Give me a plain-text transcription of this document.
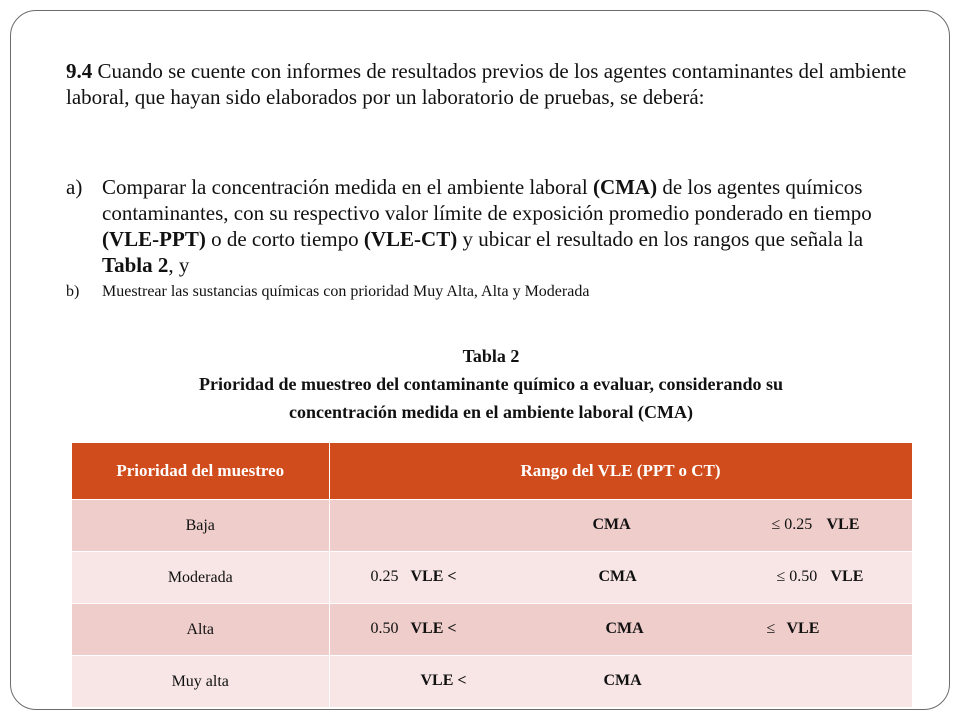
9.4 Cuando se cuente con informes de resultados previos de los agentes contaminantes del ambiente laboral, que hayan sido elaborados por un laboratorio de pruebas, se deberá:

a) Comparar la concentración medida en el ambiente laboral (CMA) de los agentes químicos contaminantes, con su respectivo valor límite de exposición promedio ponderado en tiempo (VLE-PPT) o de corto tiempo (VLE-CT) y ubicar el resultado en los rangos que señala la Tabla 2, y
b) Muestrear las sustancias químicas con prioridad Muy Alta, Alta y Moderada
Tabla 2
Prioridad de muestreo del contaminante químico a evaluar, considerando su
concentración medida en el ambiente laboral (CMA)
Prioridad del muestreo	Rango del VLE (PPT o CT)
Baja	CMA ≤ 0.25 VLE

Moderada	0.25 VLE < CMA ≤ 0.50 VLE

Alta	0.50 VLE < CMA ≤ VLE

Muy alta	VLE < CMA
